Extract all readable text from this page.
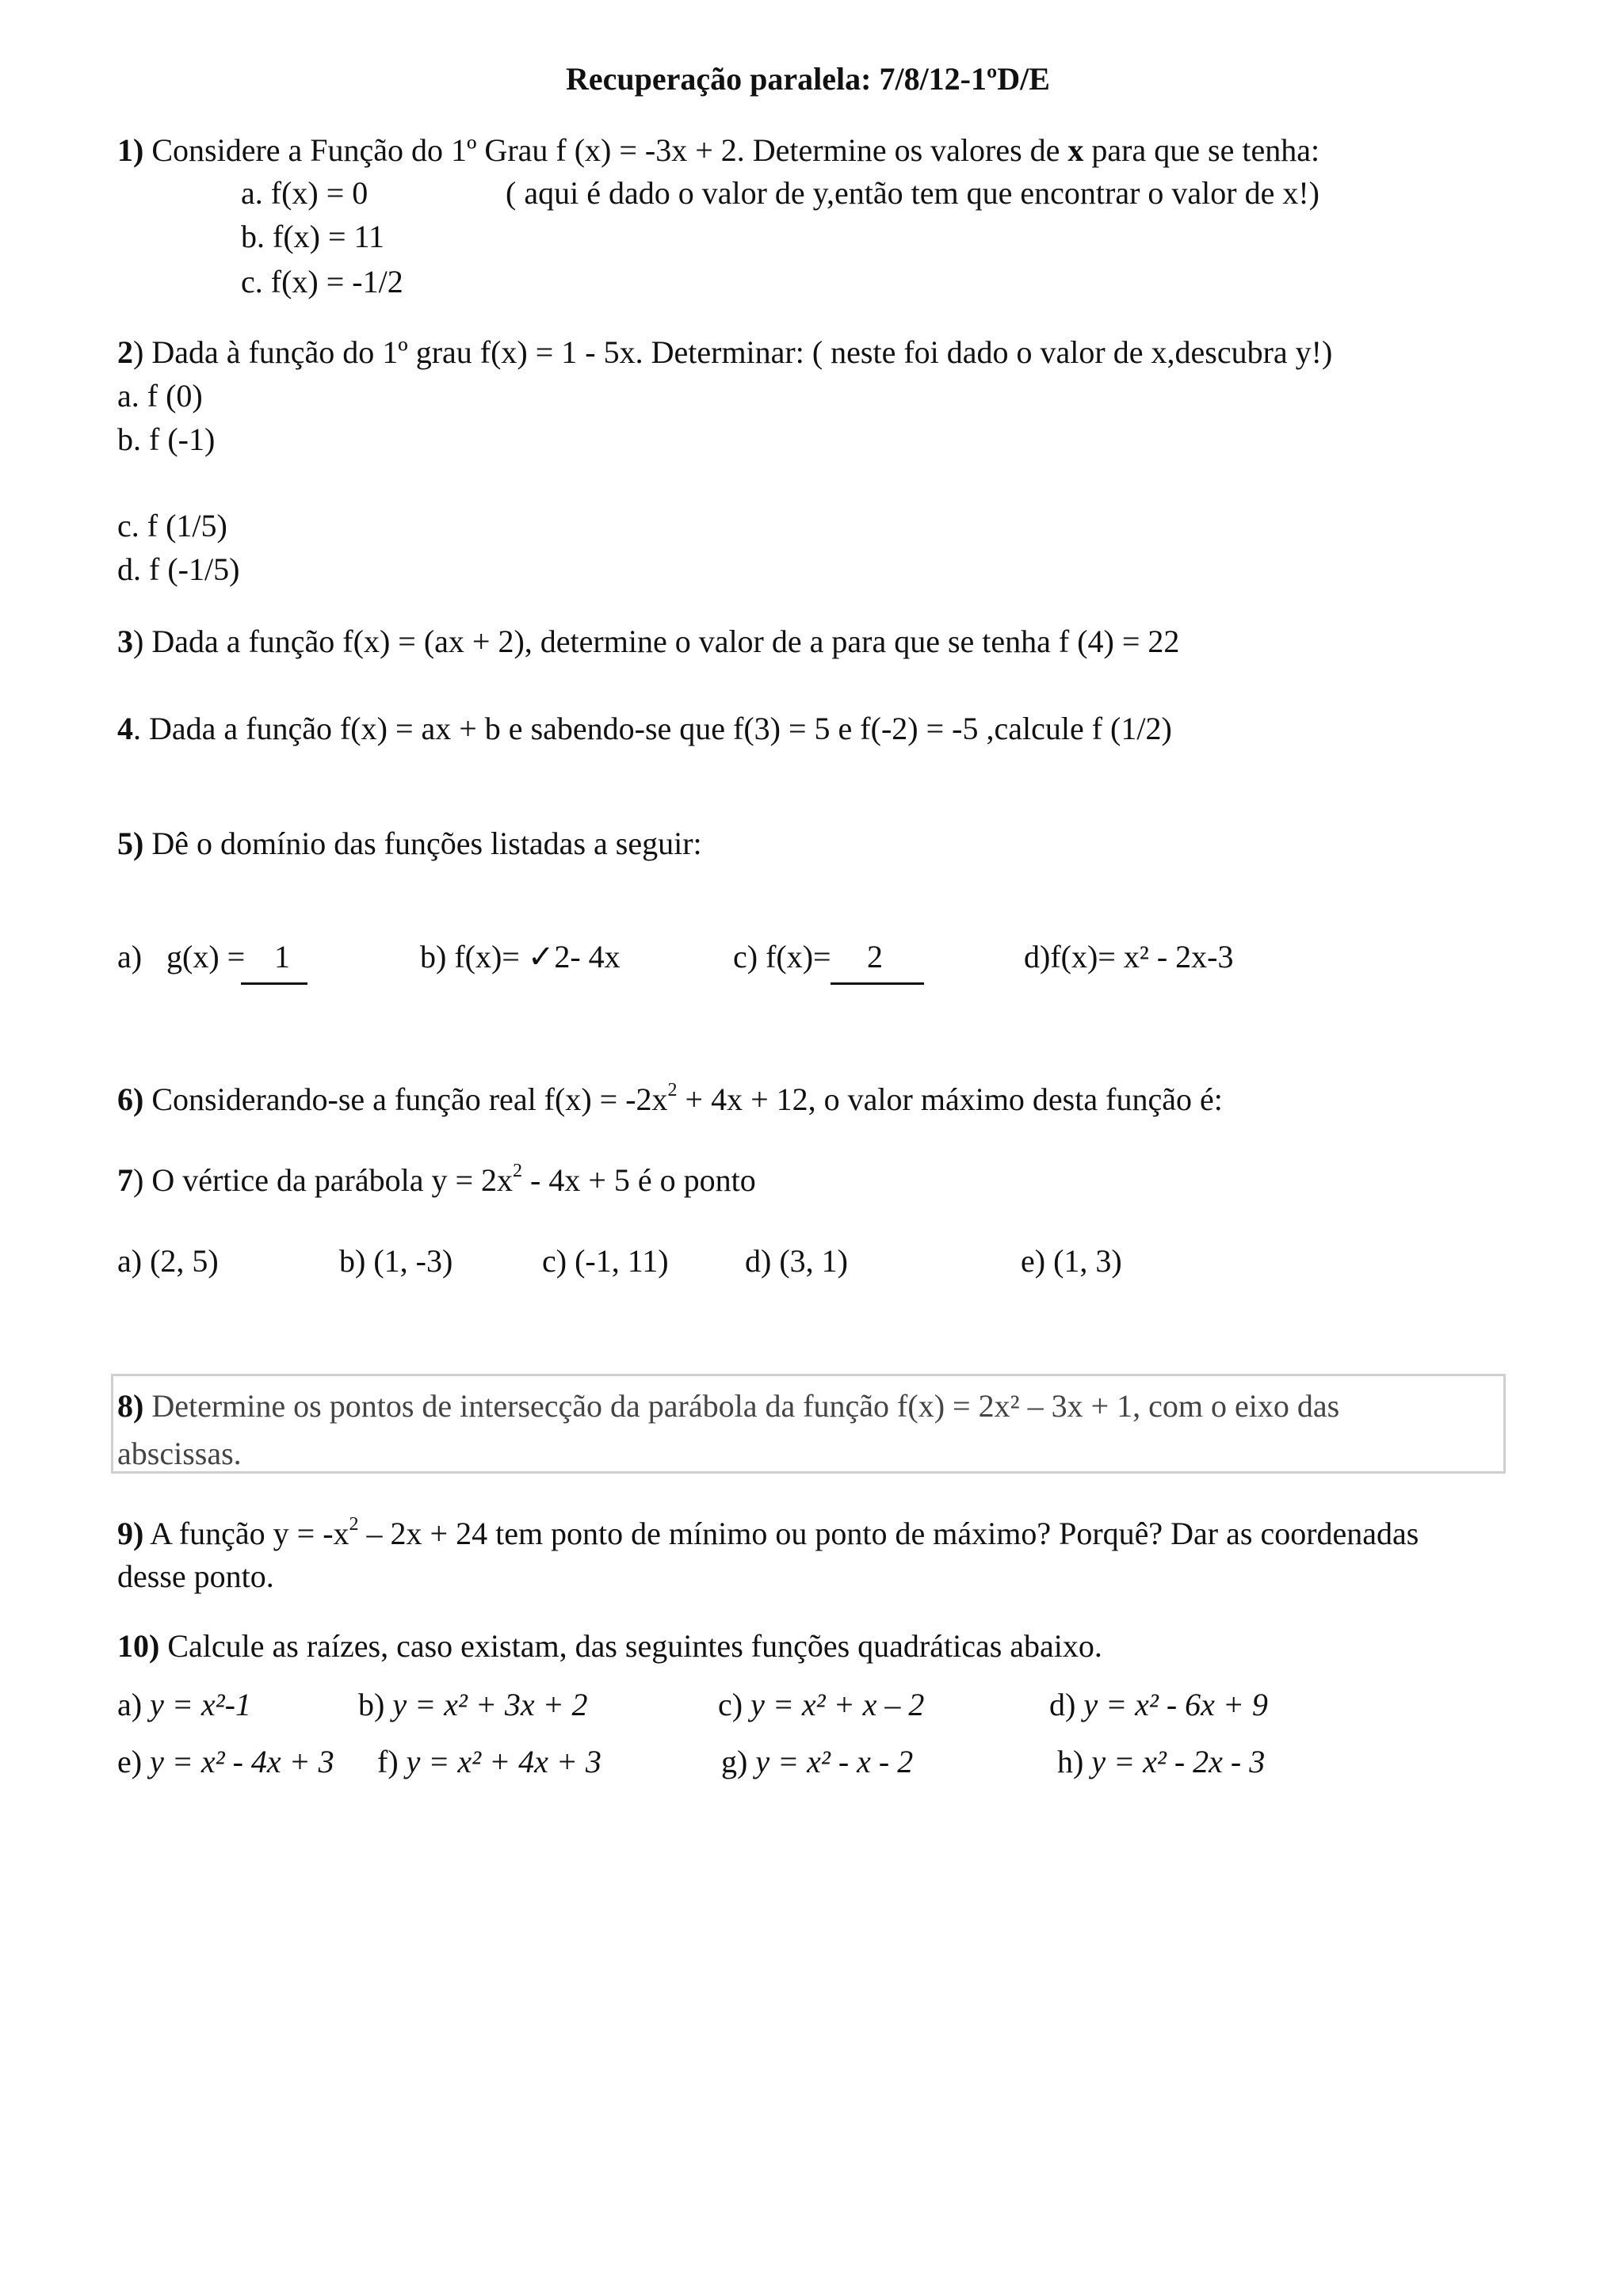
Recuperação paralela: 7/8/12-1ºD/E
1) Considere a Função do 1º Grau f (x) = -3x + 2. Determine os valores de x para que se tenha:
a. f(x) = 0	( aqui é dado o valor de y,então tem que encontrar o valor de x!)
b. f(x) = 11
c. f(x) = -1/2
2) Dada à função do 1º grau f(x) = 1 - 5x. Determinar: ( neste foi dado o valor de x,descubra y!)
a. f (0)
b. f (-1)
c. f (1/5)
d. f (-1/5)
3) Dada a função f(x) = (ax + 2), determine o valor de a para que se tenha f (4) = 22
4. Dada a função f(x) = ax + b e sabendo-se que f(3) = 5 e f(-2) = -5 ,calcule f (1/2)
5) Dê o domínio das funções listadas a seguir:
a) g(x) = 1	b) f(x)= ✓2- 4x	c) f(x)= 2	d)f(x)= x² - 2x-3
6) Considerando-se a função real $f(x) = -2x^2 + 4x + 12$, o valor máximo desta função é:
7) O vértice da parábola $y = 2x^2 - 4x + 5$ é o ponto
a) (2, 5)	b) (1, -3)	c) (-1, 11) d) (3, 1)	e) (1, 3)
8) Determine os pontos de intersecção da parábola da função f(x) = 2x² – 3x + 1, com o eixo das
abscissas.
9) A função $y = -x^2 - 2x + 24$ tem ponto de mínimo ou ponto de máximo? Porquê? Dar as coordenadas
desse ponto.
10) Calcule as raízes, caso existam, das seguintes funções quadráticas abaixo.
a) y = x²-1	b) y = x² + 3x + 2	c) y = x² + x – 2	d) y = x² - 6x + 9
e) y = x² - 4x + 3 f) y = x² + 4x + 3	g) y = x² - x - 2	h) y = x² - 2x - 3
